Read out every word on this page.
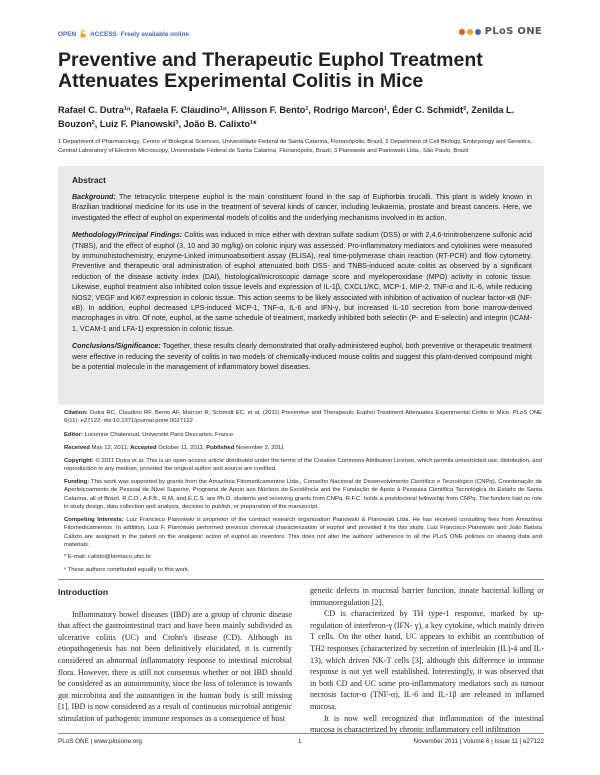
OPEN ACCESS Freely available online	PLoS ONE
Preventive and Therapeutic Euphol Treatment Attenuates Experimental Colitis in Mice
Rafael C. Dutra¹ⁿ, Rafaela F. Claudino¹ⁿ, Allisson F. Bento¹, Rodrigo Marcon¹, Éder C. Schmidt², Zenilda L. Bouzon², Luiz F. Pianowski³, João B. Calixto¹*
1 Department of Pharmacology, Centre of Biological Sciences, Universidade Federal de Santa Catarina, Florianópolis, Brazil, 2 Department of Cell Biology, Embryology and Genetics, Central Laboratory of Electron Microscopy, Universidade Federal de Santa Catarina, Florianópolis, Brazil, 3 Pianowski and Pianowski Ltda., São Paulo, Brazil
Abstract

Background: The tetracyclic triterpene euphol is the main constituent found in the sap of Euphorbia tirucalli. This plant is widely known in Brazilian traditional medicine for its use in the treatment of several kinds of cancer, including leukaemia, prostate and breast cancers. Here, we investigated the effect of euphol on experimental models of colitis and the underlying mechanisms involved in its action.

Methodology/Principal Findings: Colitis was induced in mice either with dextran sulfate sodium (DSS) or with 2,4,6-trinitrobenzene sulfonic acid (TNBS), and the effect of euphol (3, 10 and 30 mg/kg) on colonic injury was assessed. Pro-inflammatory mediators and cytokines were measured by immunohistochemistry, enzyme-Linked immunoabsorbent assay (ELISA), real time-polymerase chain reaction (RT-PCR) and flow cytometry. Preventive and therapeutic oral administration of euphol attenuated both DSS- and TNBS-induced acute colitis as observed by a significant reduction of the disease activity index (DAI), histological/microscopic damage score and myeloperoxidase (MPO) activity in colonic tissue. Likewise, euphol treatment also inhibited colon tissue levels and expression of IL-1β, CXCL1/KC, MCP-1, MIP-2, TNF-α and IL-6, while reducing NOS2, VEGF and Ki67 expression in colonic tissue. This action seems to be likely associated with inhibition of activation of nuclear factor-κB (NF-κB). In addition, euphol decreased LPS-induced MCP-1, TNF-α, IL-6 and IFN-γ, but increased IL-10 secretion from bone marrow-derived macrophages in vitro. Of note, euphol, at the same schedule of treatment, markedly inhibited both selectin (P- and E-selectin) and integrin (ICAM-1, VCAM-1 and LFA-1) expression in colonic tissue.

Conclusions/Significance: Together, these results clearly demonstrated that orally-administered euphol, both preventive or therapeutic treatment were effective in reducing the severity of colitis in two models of chemically-induced mouse colitis and suggest this plant-derived compound might be a potential molecule in the management of inflammatory bowel diseases.

Citation: Dutra RC, Claudino RF, Bento AF, Marcon R, Schmidt ÉC, et al. (2011) Preventive and Therapeutic Euphol Treatment Attenuates Experimental Colitis in Mice. PLoS ONE 6(11): e27122. doi:10.1371/journal.pone.0027122
Editor: Lucienne Chatenoud, Université Paris Descartes, France
Received May 12, 2011; Accepted October 11, 2011; Published November 2, 2011
Copyright: © 2011 Dutra et al. This is an open-access article distributed under the terms of the Creative Commons Attribution License, which permits unrestricted use, distribution, and reproduction in any medium, provided the original author and source are credited.
Funding: This work was supported by grants from the Amazônia Fitomedicamentos Ltda., Conselho Nacional de Desenvolvimento Científico e Tecnológico (CNPq), Coordenação de Aperfeiçoamento de Pessoal de Nível Superior, Programa de Apoio aos Núcleos de Excelência and the Fundação de Apoio à Pesquisa Científica Tecnológica do Estado de Santa Catarina, all of Brazil. R.C.D., A.F.B., R.M. and É.C.S. are Ph.D. students and receiving grants from CNPq. R.F.C. holds a postdoctoral fellowship from CNPq. The funders had no role in study design, data collection and analysis, decision to publish, or preparation of the manuscript.
Competing Interests: Luiz Francisco Pianowski is proprietor of the contract research organization Pianowski & Pianowski Ltda. He has received consulting fees from Amazônia Fitomedicamentos. In addition, Luiz F. Pianowski performed previous chemical characterization of euphol and provided it for this study. Luiz Francisco Pianowski and João Batista Calixto are assigned in the patent on the analgesic action of euphol as inventors. This does not alter the authors' adherence to all the PLoS ONE policies on sharing data and materials.
* E-mail: calixto@farmaco.ufsc.br
ⁿ These authors contributed equally to this work.
Introduction

Inflammatory bowel diseases (IBD) are a group of chronic disease that affect the gastrointestinal tract and have been mainly subdivided as ulcerative colitis (UC) and Crohn's disease (CD). Although its etiopathogenesis has not been definitively elucidated, it is currently considered an abnormal inflammatory response to intestinal microbial flora. However, there is still not consensus whether or not IBD should be considered as an autoimmunity, since the loss of tolerance is towards gut microbiota and the autoantigen in the human body is still missing [1]. IBD is now considered as a result of continuous microbial antigenic stimulation of pathogenic immune responses as a consequence of host

genetic defects in mucosal barrier function, innate bacterial killing or immunoregulation [2].

CD is characterized by TH type-1 response, marked by up-regulation of interferon-γ (IFN- γ), a key cytokine, which mainly driven T cells. On the other hand, UC appears to exhibit an contribution of TH2 responses (characterized by secretion of interleukin (IL)-4 and IL-13), which driven NK-T cells [3], although this difference in immune response is not yet well established. Interestingly, it was observed that in both CD and UC some pro-inflammatory mediators such as tumour necrosis factor-α (TNF-α), IL-6 and IL-1β are released in inflamed mucosa.

It is now well recognized that inflammation of the intestinal mucosa is characterized by chronic inflammatory cell infiltration

PLoS ONE | www.plosone.org	1	November 2011 | Volume 6 | Issue 11 | e27122
